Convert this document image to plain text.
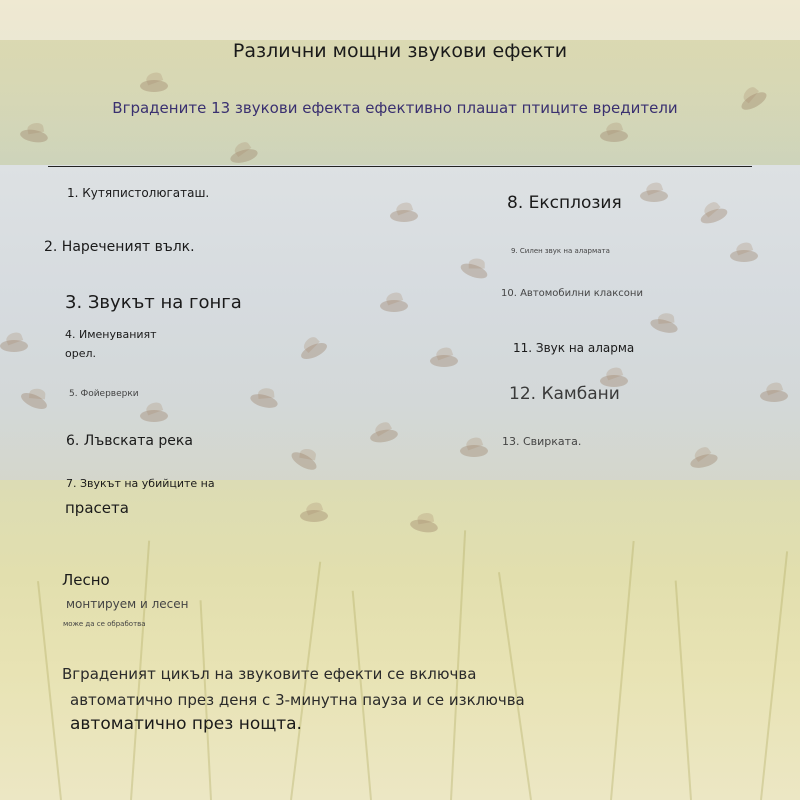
Различни мощни звукови ефекти

Вградените 13 звукови ефекта ефективно плашат птиците вредители

1. Кутяпистолюгаташ.

2. Нареченият вълк.

3. Звукът на гонга

4. Именуваният

орел.

5. Фойерверки

6. Лъвската река

7. Звукът на убийците на

прасета

8. Експлозия

9. Силен звук на алармата

10. Автомобилни клаксони

11. Звук на аларма

12. Камбани

13. Свирката.

Лесно

монтируем и лесен

може да се обработва

Вграденият цикъл на звуковите ефекти се включва

автоматично през деня с 3-минутна пауза и се изключва

автоматично през нощта.
